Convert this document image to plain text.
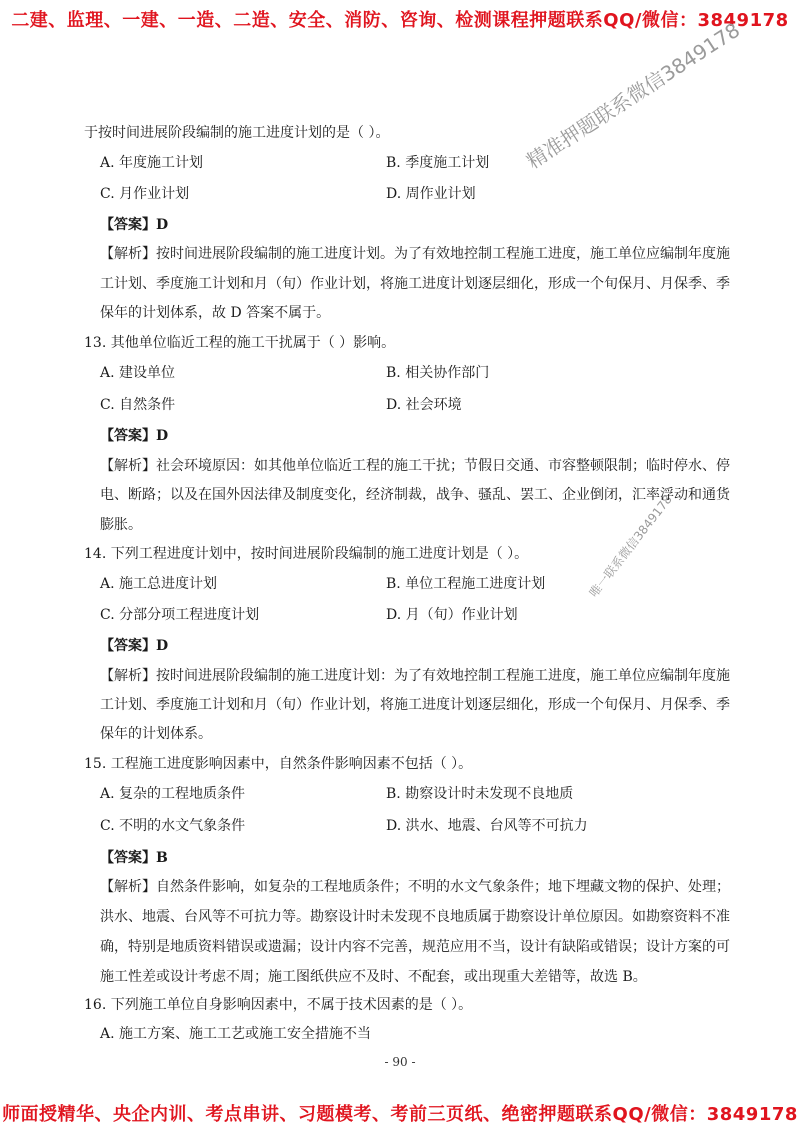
二建、监理、一建、一造、二造、安全、消防、咨询、检测课程押题联系QQ/微信：3849178
精准押题联系微信3849178
唯一联系微信3849178
于按时间进展阶段编制的施工进度计划的是（ ）。
A. 年度施工计划	B. 季度施工计划
C. 月作业计划	D. 周作业计划
【答案】D
【解析】按时间进展阶段编制的施工进度计划。为了有效地控制工程施工进度，施工单位应编制年度施
工计划、季度施工计划和月（旬）作业计划，将施工进度计划逐层细化，形成一个旬保月、月保季、季
保年的计划体系，故 D 答案不属于。
13. 其他单位临近工程的施工干扰属于（ ）影响。
A. 建设单位	B. 相关协作部门
C. 自然条件	D. 社会环境
【答案】D
【解析】社会环境原因：如其他单位临近工程的施工干扰；节假日交通、市容整顿限制；临时停水、停
电、断路；以及在国外因法律及制度变化，经济制裁，战争、骚乱、罢工、企业倒闭，汇率浮动和通货
膨胀。
14. 下列工程进度计划中，按时间进展阶段编制的施工进度计划是（ ）。
A. 施工总进度计划	B. 单位工程施工进度计划
C. 分部分项工程进度计划	D. 月（旬）作业计划
【答案】D
【解析】按时间进展阶段编制的施工进度计划：为了有效地控制工程施工进度，施工单位应编制年度施
工计划、季度施工计划和月（旬）作业计划，将施工进度计划逐层细化，形成一个旬保月、月保季、季
保年的计划体系。
15. 工程施工进度影响因素中，自然条件影响因素不包括（ ）。
A. 复杂的工程地质条件	B. 勘察设计时未发现不良地质
C. 不明的水文气象条件	D. 洪水、地震、台风等不可抗力
【答案】B
【解析】自然条件影响，如复杂的工程地质条件；不明的水文气象条件；地下埋藏文物的保护、处理；
洪水、地震、台风等不可抗力等。勘察设计时未发现不良地质属于勘察设计单位原因。如勘察资料不准
确，特别是地质资料错误或遗漏；设计内容不完善，规范应用不当，设计有缺陷或错误；设计方案的可
施工性差或设计考虑不周；施工图纸供应不及时、不配套，或出现重大差错等，故选 B。
16. 下列施工单位自身影响因素中，不属于技术因素的是（ ）。
A. 施工方案、施工工艺或施工安全措施不当
- 90 -
师面授精华、央企内训、考点串讲、习题模考、考前三页纸、绝密押题联系QQ/微信：3849178
